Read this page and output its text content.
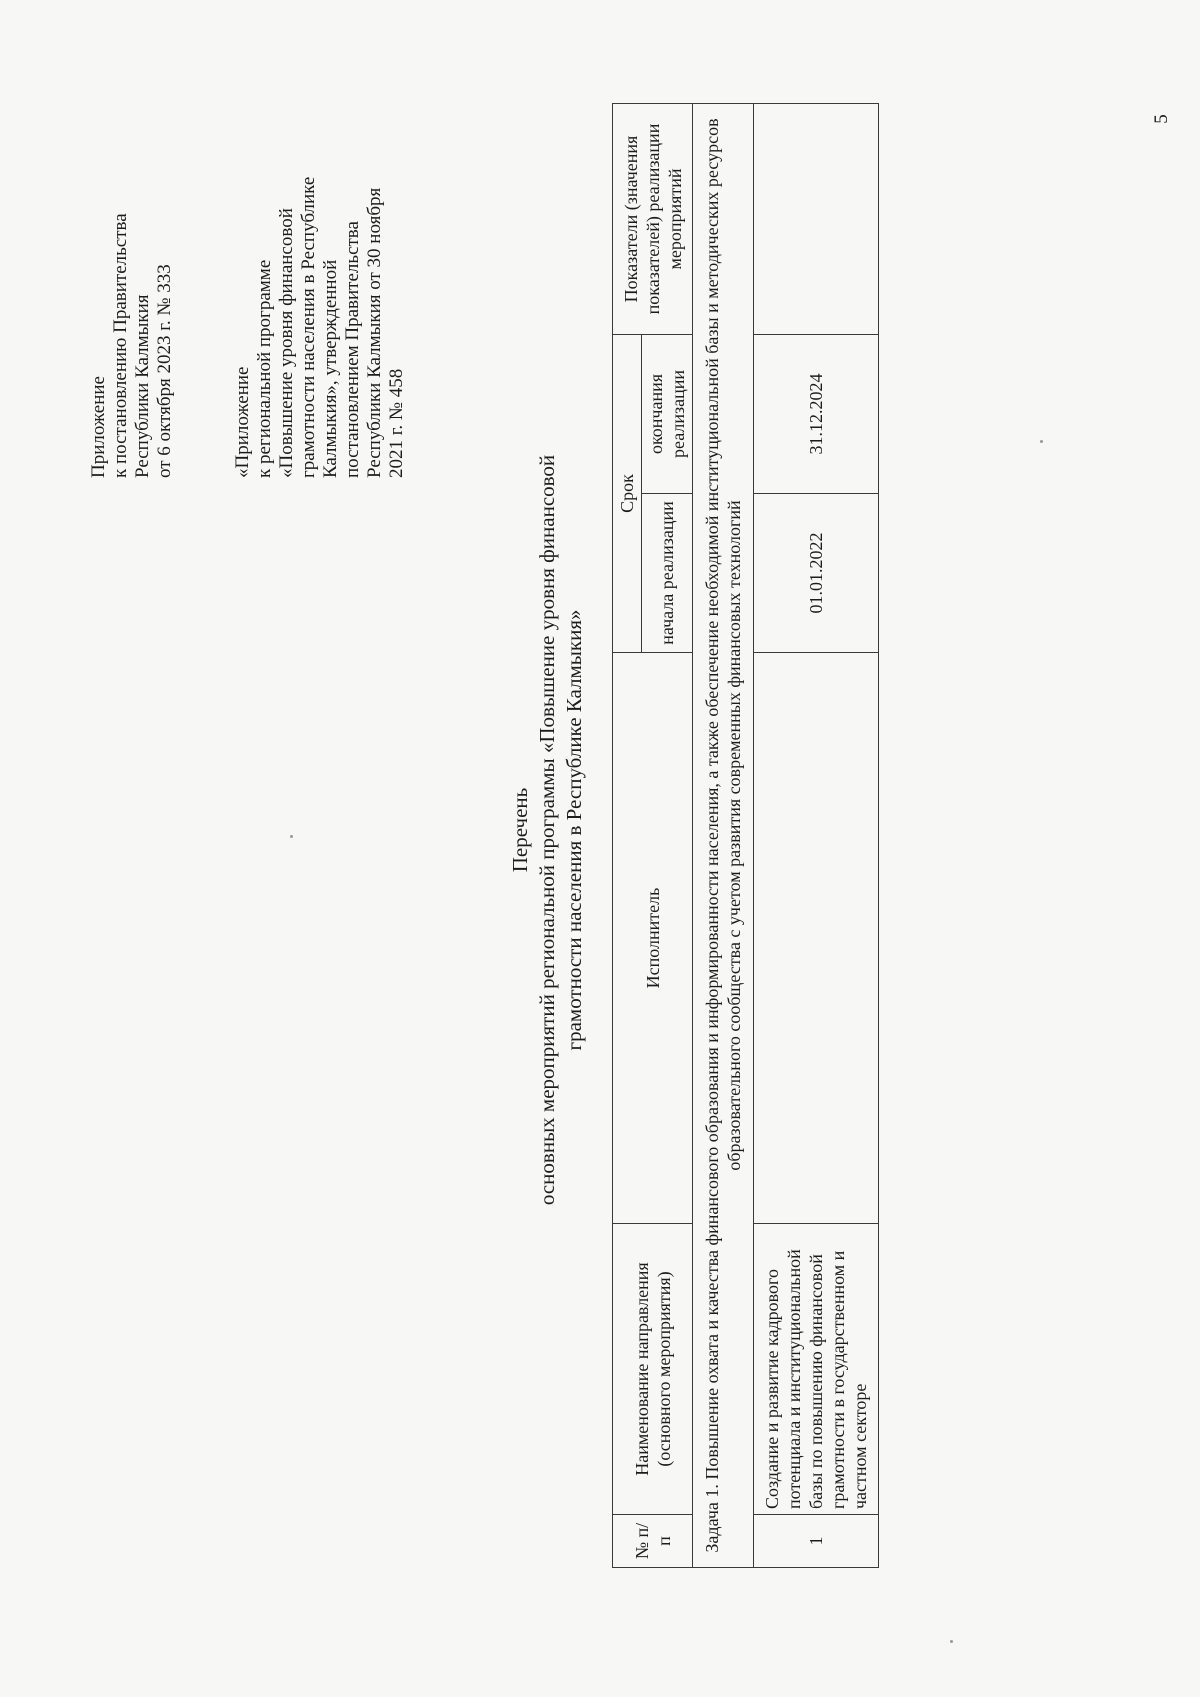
5
Приложение к постановлению Правительства Республики Калмыкия от 6 октября 2023 г. № 333	«Приложение к региональной программе «Повышение уровня финансовой грамотности населения в Республике Калмыкия», утвержденной постановлением Правительства Республики Калмыкия от 30 ноября 2021 г. № 458
Перечень основных мероприятий региональной программы «Повышение уровня финансовой грамотности населения в Республике Калмыкия»
№ п/п	Наименование направления (основного мероприятия)	Исполнитель	Срок		Показатели (значения показателей) реализации мероприятий
			начала реализации	окончания реализации	
Задача 1. Повышение охвата и качества финансового образования и информированности населения, а также обеспечение необходимой институциональной базы и методических ресурсов образовательного сообщества с учетом развития современных финансовых технологий					
1	Создание и развитие кадрового потенциала и институциональной базы по повышению финансовой грамотности в государственном и частном секторе		01.01.2022	31.12.2024	
